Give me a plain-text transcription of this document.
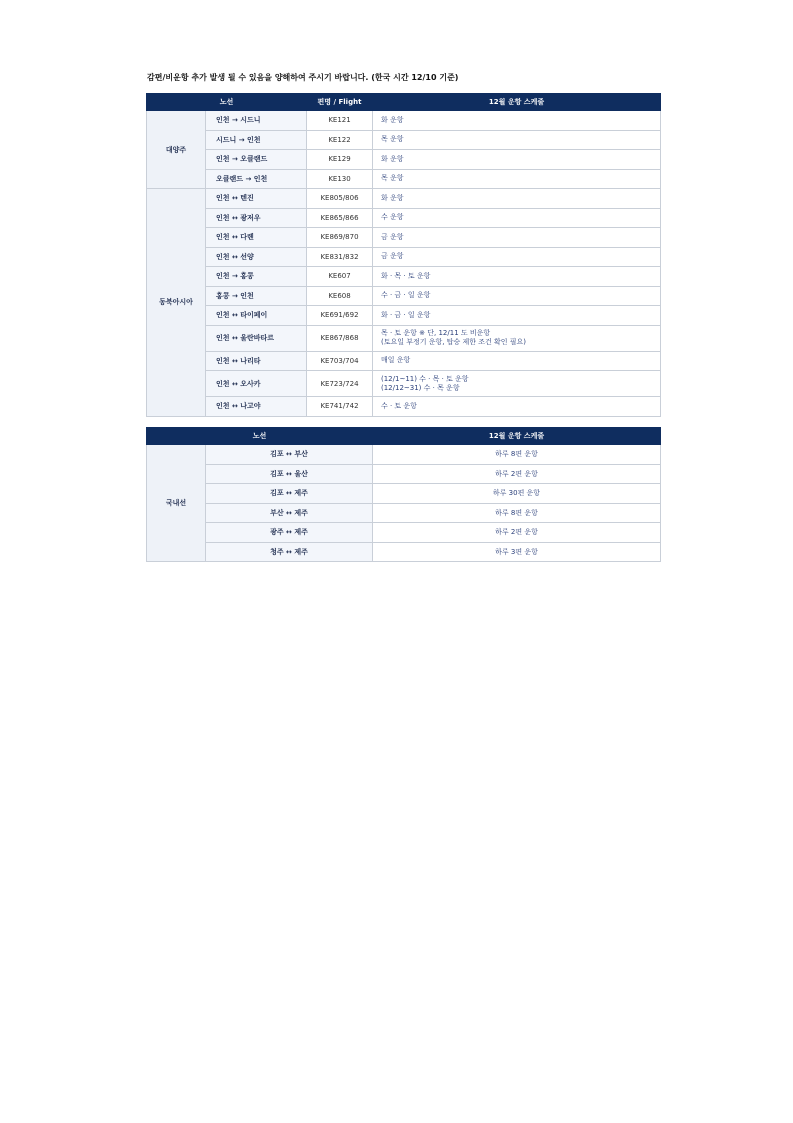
감편/비운항 추가 발생 될 수 있음을 양해하여 주시기 바랍니다. (한국 시간 12/10 기준)
노선		편명 / Flight	12월 운항 스케줄
대양주	인천 → 시드니	KE121	화 운항

	시드니 → 인천	KE122	목 운항

	인천 → 오클랜드	KE129	화 운항

	오클랜드 → 인천	KE130	목 운항

동북아시아	인천 ↔ 텐진	KE805/806	화 운항

	인천 ↔ 광저우	KE865/866	수 운항

	인천 ↔ 다롄	KE869/870	금 운항

	인천 ↔ 선양	KE831/832	금 운항

	인천 → 홍콩	KE607	화 · 목 · 토 운항

	홍콩 → 인천	KE608	수 · 금 · 일 운항

	인천 ↔ 타이페이	KE691/692	화 · 금 · 일 운항

	인천 ↔ 울란바타르	KE867/868	목 · 토 운항 ※ 단, 12/11 도 비운항
(토요일 부정기 운항, 탑승 제한 조건 확인 필요)

	인천 ↔ 나리타	KE703/704	매일 운항

	인천 ↔ 오사카	KE723/724	(12/1~11) 수 · 목 · 토 운항
(12/12~31) 수 · 목 운항

	인천 ↔ 나고야	KE741/742	수 · 토 운항
노선		12월 운항 스케줄
국내선	김포 ↔ 부산	하루 8편 운항
	김포 ↔ 울산	하루 2편 운항
	김포 ↔ 제주	하루 30편 운항
	부산 ↔ 제주	하루 8편 운항
	광주 ↔ 제주	하루 2편 운항
	청주 ↔ 제주	하루 3편 운항
